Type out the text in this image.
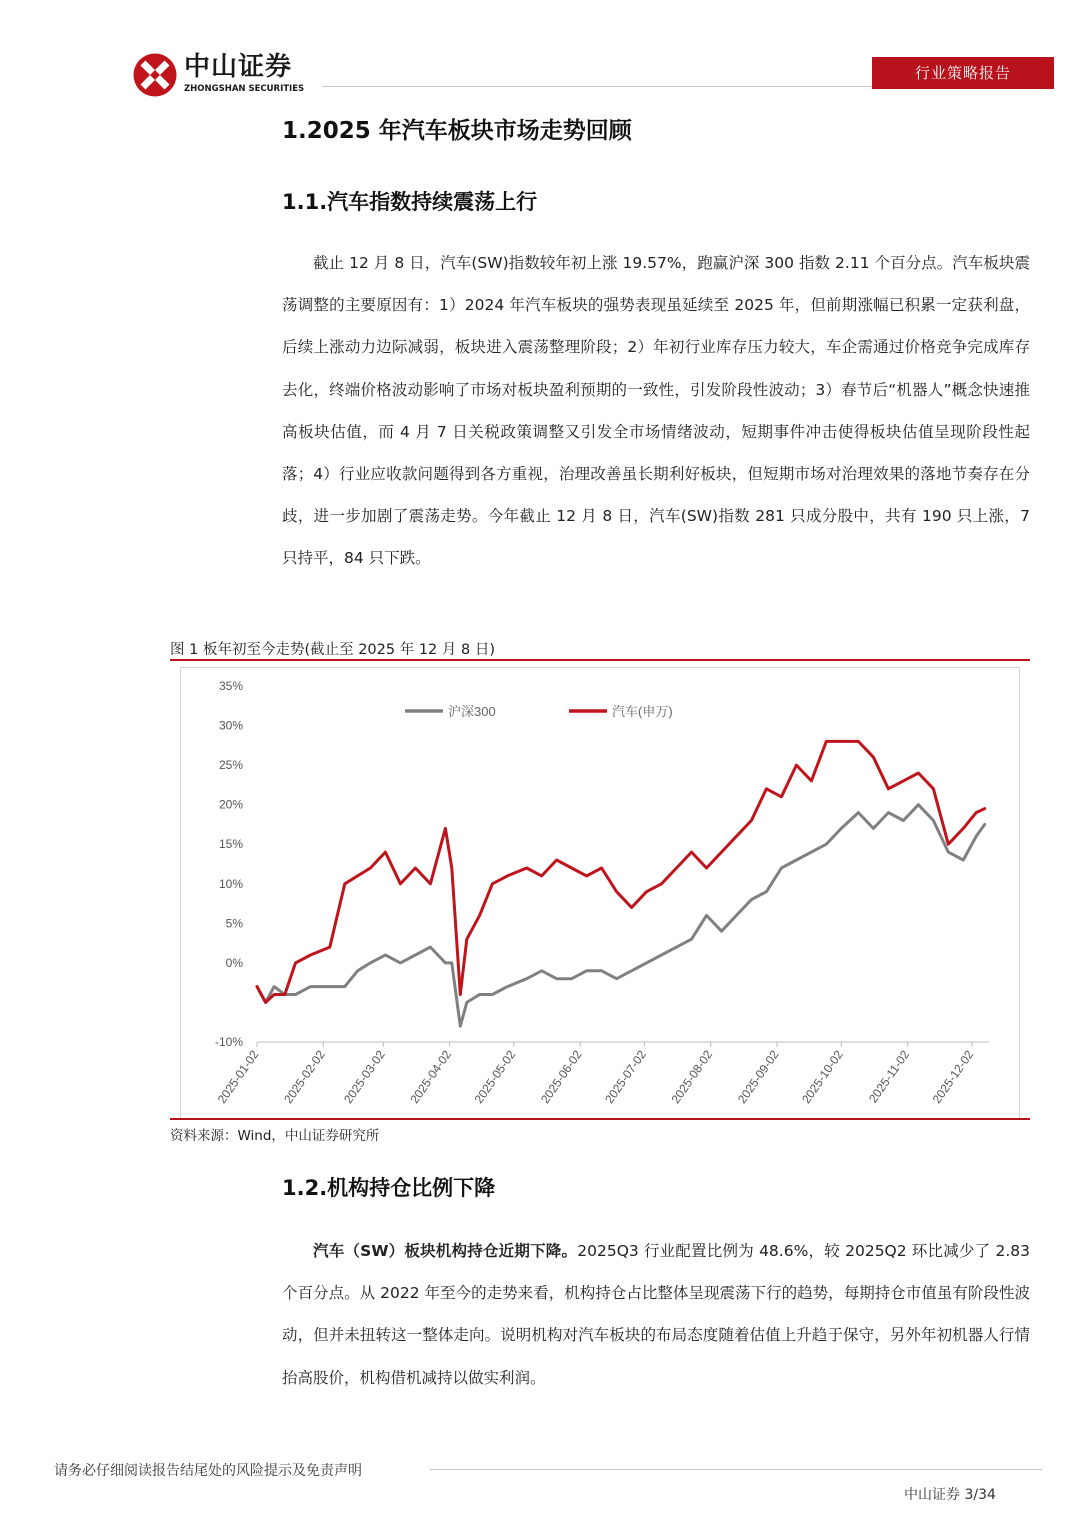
中山证券
ZHONGSHAN SECURITIES
行业策略报告
1.2025 年汽车板块市场走势回顾
1.1.汽车指数持续震荡上行

截止 12 月 8 日，汽车(SW)指数较年初上涨 19.57%，跑赢沪深 300 指数 2.11 个百分点。汽车板块震荡调整的主要原因有：1）2024 年汽车板块的强势表现虽延续至 2025 年，但前期涨幅已积累一定获利盘，后续上涨动力边际减弱，板块进入震荡整理阶段；2）年初行业库存压力较大，车企需通过价格竞争完成库存去化，终端价格波动影响了市场对板块盈利预期的一致性，引发阶段性波动；3）春节后“机器人”概念快速推高板块估值，而 4 月 7 日关税政策调整又引发全市场情绪波动，短期事件冲击使得板块估值呈现阶段性起落；4）行业应收款问题得到各方重视，治理改善虽长期利好板块，但短期市场对治理效果的落地节奏存在分歧，进一步加剧了震荡走势。今年截止 12 月 8 日，汽车(SW)指数 281 只成分股中，共有 190 只上涨，7 只持平，84 只下跌。

图 1 板年初至今走势(截止至 2025 年 12 月 8 日)
-10%
0%
5%
10%
15%
20%
25%
30%
35%
2025-01-02 2025-02-02 2025-03-02 2025-04-02 2025-05-02 2025-06-02 2025-07-02 2025-08-02 2025-09-02 2025-10-02 2025-11-02 2025-12-02
沪深300	汽车(申万)
资料来源：Wind，中山证券研究所
1.2.机构持仓比例下降

汽车（SW）板块机构持仓近期下降。2025Q3 行业配置比例为 48.6%，较 2025Q2 环比减少了 2.83 个百分点。从 2022 年至今的走势来看，机构持仓占比整体呈现震荡下行的趋势，每期持仓市值虽有阶段性波动，但并未扭转这一整体走向。说明机构对汽车板块的布局态度随着估值上升趋于保守，另外年初机器人行情抬高股价，机构借机减持以做实利润。

请务必仔细阅读报告结尾处的风险提示及免责声明
中山证券 3/34
